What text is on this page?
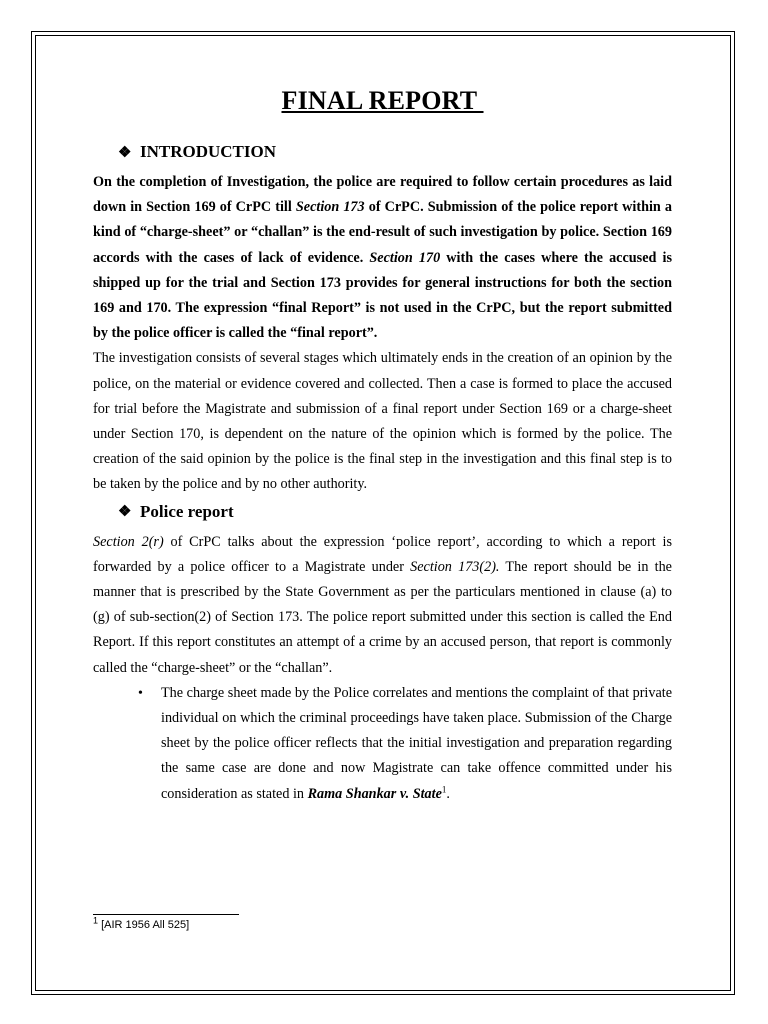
FINAL REPORT
❖ INTRODUCTION

On the completion of Investigation, the police are required to follow certain procedures as laid down in Section 169 of CrPC till Section 173 of CrPC. Submission of the police report within a kind of “charge-sheet” or “challan” is the end-result of such investigation by police. Section 169 accords with the cases of lack of evidence. Section 170 with the cases where the accused is shipped up for the trial and Section 173 provides for general instructions for both the section 169 and 170. The expression “final Report” is not used in the CrPC, but the report submitted by the police officer is called the “final report”.

The investigation consists of several stages which ultimately ends in the creation of an opinion by the police, on the material or evidence covered and collected. Then a case is formed to place the accused for trial before the Magistrate and submission of a final report under Section 169 or a charge-sheet under Section 170, is dependent on the nature of the opinion which is formed by the police. The creation of the said opinion by the police is the final step in the investigation and this final step is to be taken by the police and by no other authority.

❖ Police report

Section 2(r) of CrPC talks about the expression ‘police report’, according to which a report is forwarded by a police officer to a Magistrate under Section 173(2). The report should be in the manner that is prescribed by the State Government as per the particulars mentioned in clause (a) to (g) of sub-section(2) of Section 173. The police report submitted under this section is called the End Report. If this report constitutes an attempt of a crime by an accused person, that report is commonly called the “charge-sheet” or the “challan”.

• The charge sheet made by the Police correlates and mentions the complaint of that private individual on which the criminal proceedings have taken place. Submission of the Charge sheet by the police officer reflects that the initial investigation and preparation regarding the same case are done and now Magistrate can take offence committed under his consideration as stated in Rama Shankar v. State$^1$.
$^1$ [AIR 1956 All 525]
